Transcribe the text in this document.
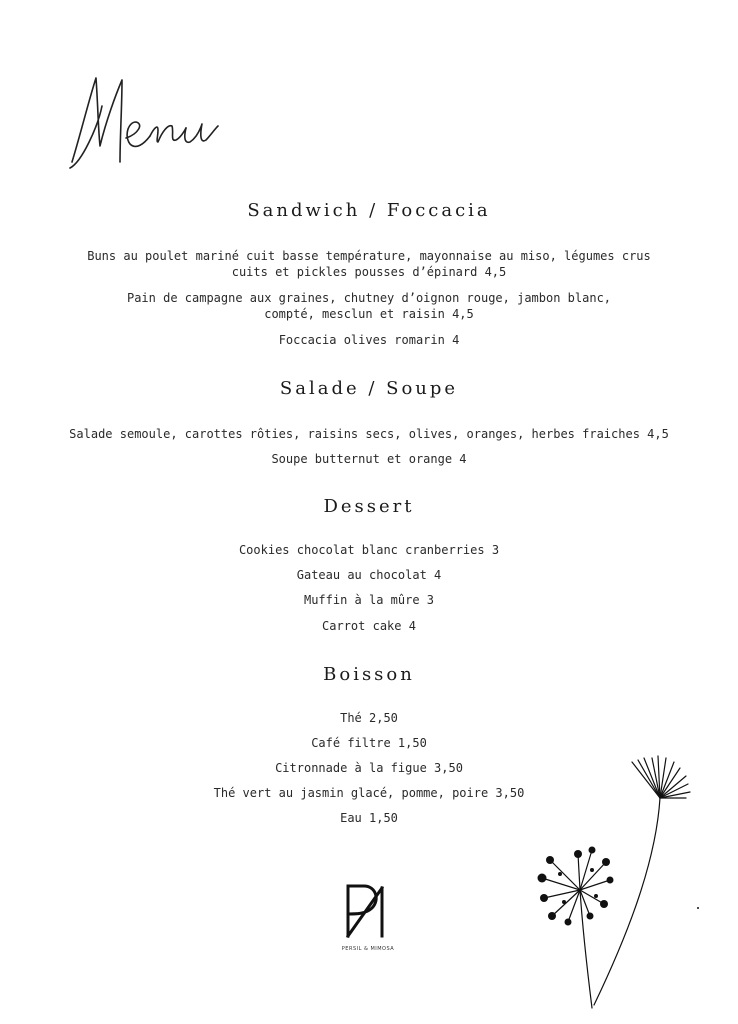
Sandwich / Foccacia
Buns au poulet mariné cuit basse température, mayonnaise au miso, légumes crus
cuits et pickles pousses d’épinard 4,5
Pain de campagne aux graines, chutney d’oignon rouge, jambon blanc,
compté, mesclun et raisin 4,5
Foccacia olives romarin 4
Salade / Soupe
Salade semoule, carottes rôties, raisins secs, olives, oranges, herbes fraiches 4,5
Soupe butternut et orange 4
Dessert
Cookies chocolat blanc cranberries 3
Gateau au chocolat 4
Muffin à la mûre 3
Carrot cake 4
Boisson
Thé 2,50
Café filtre 1,50
Citronnade à la figue 3,50
Thé vert au jasmin glacé, pomme, poire 3,50
Eau 1,50
PERSIL & MIMOSA
